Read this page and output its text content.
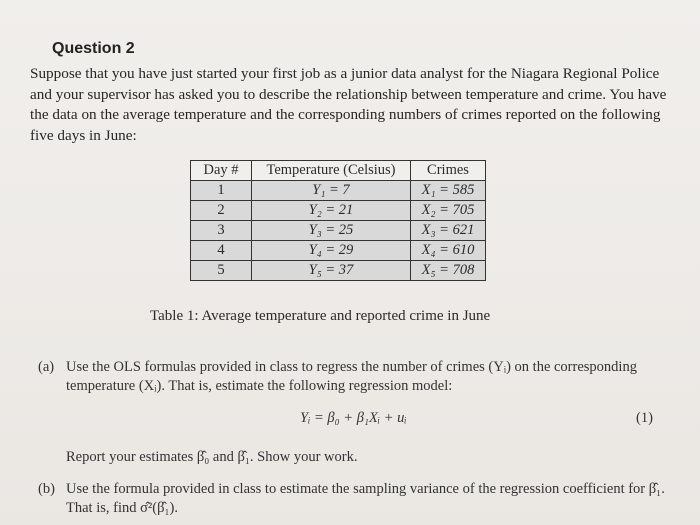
Question 2
Suppose that you have just started your first job as a junior data analyst for the Niagara Regional Police and your supervisor has asked you to describe the relationship between temperature and crime. You have the data on the average temperature and the corresponding numbers of crimes reported on the following five days in June:
Day #	Temperature (Celsius)	Crimes
1	Y₁ = 7	X₁ = 585
2	Y₂ = 21	X₂ = 705
3	Y₃ = 25	X₃ = 621
4	Y₄ = 29	X₄ = 610
5	Y₅ = 37	X₅ = 708
Table 1: Average temperature and reported crime in June
(a) Use the OLS formulas provided in class to regress the number of crimes (Yᵢ) on the corresponding temperature (Xᵢ). That is, estimate the following regression model:
Yᵢ = β₀ + β₁Xᵢ + uᵢ	(1)
Report your estimates β̂₀ and β̂₁. Show your work.
(b) Use the formula provided in class to estimate the sampling variance of the regression coefficient for β̂₁. That is, find σ̂²(β̂₁).
